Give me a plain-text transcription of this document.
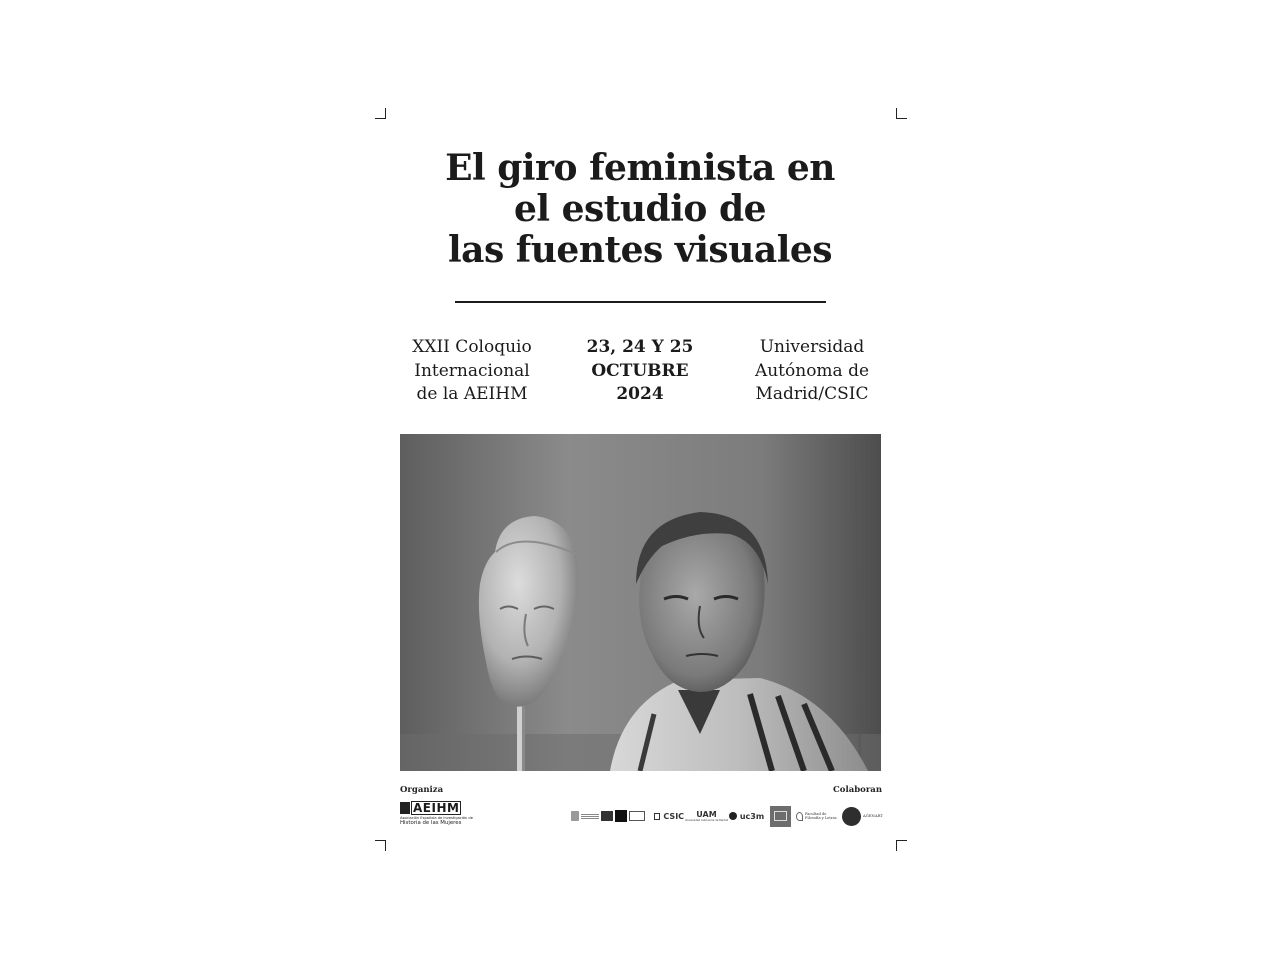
El giro feminista en
el estudio de
las fuentes visuales
XXII Coloquio
Internacional
de la AEIHM
23, 24 Y 25
OCTUBRE
2024
Universidad
Autónoma de
Madrid/CSIC
Organiza	Colaboran
AEIHM
Asociación Española de Investigación de
Historia de las Mujeres
CSIC UAM
Universidad Autónoma de Madrid uc3m	Facultad de
Filosofía y Letras
AGENART
